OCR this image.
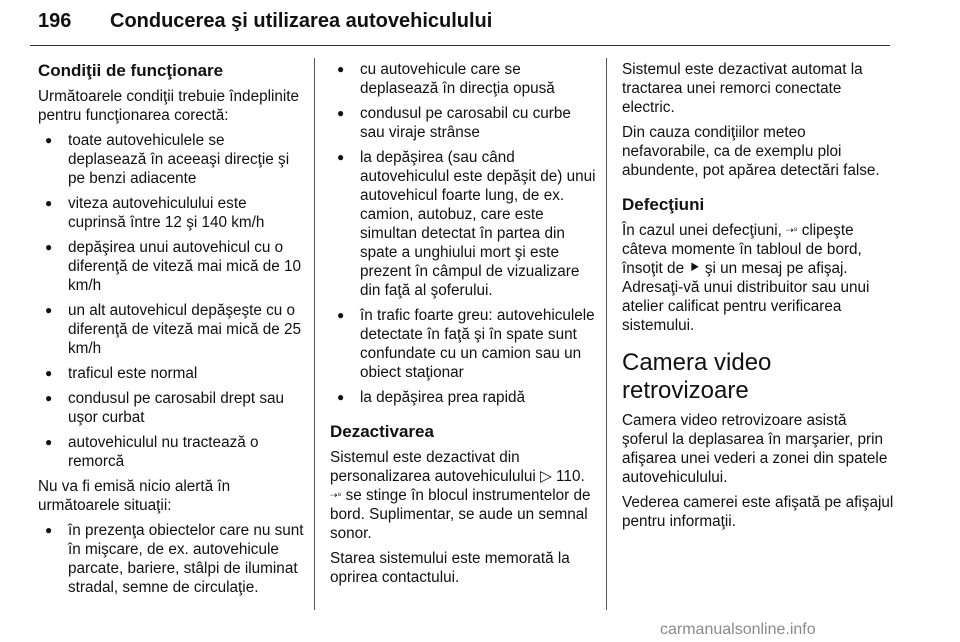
196 Conducerea şi utilizarea autovehiculului
Condiţii de funcţionare

Următoarele condiţii trebuie îndeplinite pentru funcţionarea corectă:

● toate autovehiculele se deplasează în aceeaşi direcţie şi pe benzi adiacente
● viteza autovehiculului este cuprinsă între 12 şi 140 km/h
● depăşirea unui autovehicul cu o diferenţă de viteză mai mică de 10 km/h
● un alt autovehicul depăşeşte cu o diferenţă de viteză mai mică de 25 km/h
● traficul este normal
● condusul pe carosabil drept sau uşor curbat
● autovehiculul nu tractează o remorcă

Nu va fi emisă nicio alertă în următoarele situaţii:

● în prezenţa obiectelor care nu sunt în mişcare, de ex. autovehicule parcate, bariere, stâlpi de iluminat stradal, semne de circulaţie.
● cu autovehicule care se deplasează în direcţia opusă
● condusul pe carosabil cu curbe sau viraje strânse
● la depăşirea (sau când autovehiculul este depăşit de) unui autovehicul foarte lung, de ex. camion, autobuz, care este simultan detectat în partea din spate a unghiului mort şi este prezent în câmpul de vizualizare din faţă al şoferului.
● în trafic foarte greu: autovehiculele detectate în faţă şi în spate sunt confundate cu un camion sau un obiect staţionar
● la depăşirea prea rapidă
Dezactivarea

Sistemul este dezactivat din personalizarea autovehiculului ▷ 110. ⇢⁸ se stinge în blocul instrumentelor de bord. Suplimentar, se aude un semnal sonor.

Starea sistemului este memorată la oprirea contactului.

Sistemul este dezactivat automat la tractarea unei remorci conectate electric.

Din cauza condiţiilor meteo nefavorabile, ca de exemplu ploi abundente, pot apărea detectări false.

Defecţiuni

În cazul unei defecţiuni, ⇢⁸ clipeşte câteva momente în tabloul de bord, însoţit de ⯈ şi un mesaj pe afişaj. Adresaţi-vă unui distribuitor sau unui atelier calificat pentru verificarea sistemului.

Camera video retrovizoare

Camera video retrovizoare asistă şoferul la deplasarea în marşarier, prin afişarea unei vederi a zonei din spatele autovehiculului.

Vederea camerei este afişată pe afişajul pentru informaţii.

carmanualsonline.info
